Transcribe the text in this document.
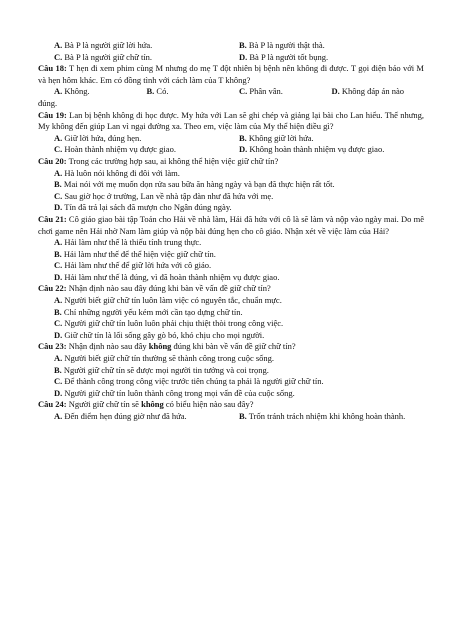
A. Bà P là người giữ lời hứa.	B. Bà P là người thật thà.
C. Bà P là người giữ chữ tín.	D. Bà P là người tốt bụng.
Câu 18: T hẹn đi xem phim cùng M nhưng do mẹ T đột nhiên bị bệnh nên không đi được. T gọi điện báo với M và hẹn hôm khác. Em có đồng tình với cách làm của T không?
A. Không.	B. Có.	C. Phân vân.	D. Không đáp án nào
đúng.
Câu 19: Lan bị bệnh không đi học được. My hứa với Lan sẽ ghi chép và giảng lại bài cho Lan hiểu. Thế nhưng, My không đến giúp Lan vì ngại đường xa. Theo em, việc làm của My thể hiện điều gì?
A. Giữ lời hứa, đúng hẹn.	B. Không giữ lời hứa.
C. Hoàn thành nhiệm vụ được giao.	D. Không hoàn thành nhiệm vụ được giao.
Câu 20: Trong các trường hợp sau, ai không thể hiện việc giữ chữ tín?
A. Hà luôn nói không đi đôi với làm.
B. Mai nói với mẹ muốn dọn rửa sau bữa ăn hàng ngày và bạn đã thực hiện rất tốt.
C. Sau giờ học ở trường, Lan về nhà tập đàn như đã hứa với mẹ.
D. Tín đã trả lại sách đã mượn cho Ngân đúng ngày.
Câu 21: Cô giáo giao bài tập Toán cho Hải về nhà làm, Hải đã hứa với cô là sẽ làm và nộp vào ngày mai. Do mê chơi game nên Hải nhờ Nam làm giúp và nộp bài đúng hẹn cho cô giáo. Nhận xét về việc làm của Hải?
A. Hải làm như thế là thiếu tính trung thực.
B. Hải làm như thế để thể hiện việc giữ chữ tín.
C. Hải làm như thế để giữ lời hứa với cô giáo.
D. Hải làm như thế là đúng, vì đã hoàn thành nhiệm vụ được giao.
Câu 22: Nhận định nào sau đây đúng khi bàn về vấn đề giữ chữ tín?
A. Người biết giữ chữ tín luôn làm việc có nguyên tắc, chuẩn mực.
B. Chỉ những người yếu kém mới cần tạo dựng chữ tín.
C. Người giữ chữ tín luôn luôn phải chịu thiệt thòi trong công việc.
D. Giữ chữ tín là lối sống gây gò bó, khó chịu cho mọi người.
Câu 23: Nhận định nào sau đây không đúng khi bàn về vấn đề giữ chữ tín?
A. Người biết giữ chữ tín thường sẽ thành công trong cuộc sống.
B. Người giữ chữ tín sẽ được mọi người tin tưởng và coi trọng.
C. Để thành công trong công việc trước tiên chúng ta phải là người giữ chữ tín.
D. Người giữ chữ tín luôn thành công trong mọi vấn đề của cuộc sống.
Câu 24: Người giữ chữ tín sẽ không có biểu hiện nào sau đây?
A. Đến điểm hẹn đúng giờ như đã hứa.	B. Trốn tránh trách nhiệm khi không hoàn thành.
